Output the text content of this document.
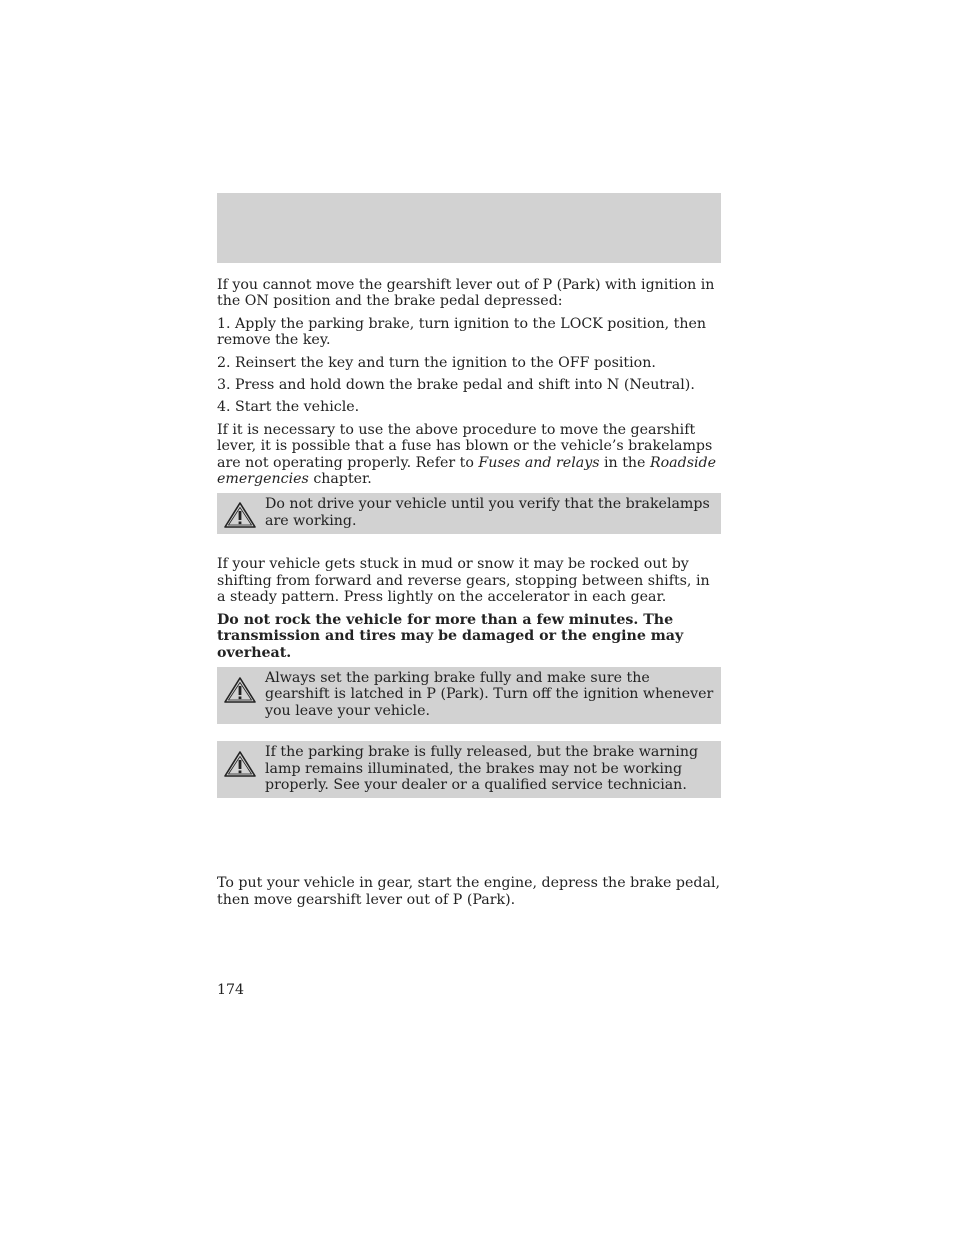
If you cannot move the gearshift lever out of P (Park) with ignition in the ON position and the brake pedal depressed:

1. Apply the parking brake, turn ignition to the LOCK position, then remove the key.

2. Reinsert the key and turn the ignition to the OFF position.

3. Press and hold down the brake pedal and shift into N (Neutral).

4. Start the vehicle.

If it is necessary to use the above procedure to move the gearshift lever, it is possible that a fuse has blown or the vehicle’s brakelamps are not operating properly. Refer to Fuses and relays in the Roadside emergencies chapter.

Do not drive your vehicle until you verify that the brakelamps are working.

If your vehicle gets stuck in mud or snow it may be rocked out by shifting from forward and reverse gears, stopping between shifts, in a steady pattern. Press lightly on the accelerator in each gear.

Do not rock the vehicle for more than a few minutes. The transmission and tires may be damaged or the engine may overheat.

Always set the parking brake fully and make sure the gearshift is latched in P (Park). Turn off the ignition whenever you leave your vehicle.
If the parking brake is fully released, but the brake warning lamp remains illuminated, the brakes may not be working properly. See your dealer or a qualified service technician.

To put your vehicle in gear, start the engine, depress the brake pedal, then move gearshift lever out of P (Park).

174
